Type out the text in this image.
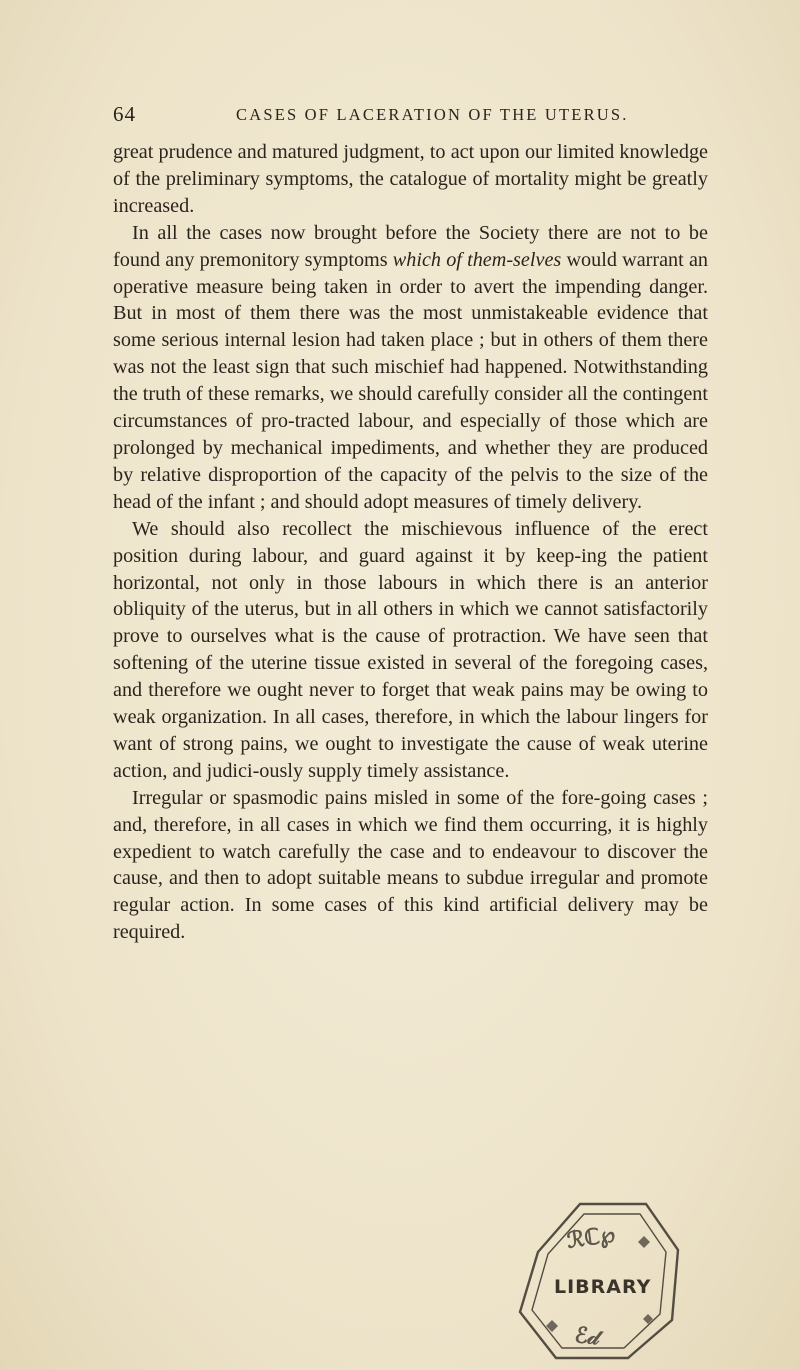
64	CASES OF LACERATION OF THE UTERUS.

great prudence and matured judgment, to act upon our limited knowledge of the preliminary symptoms, the catalogue of mortality might be greatly increased.

In all the cases now brought before the Society there are not to be found any premonitory symptoms which of them-selves would warrant an operative measure being taken in order to avert the impending danger. But in most of them there was the most unmistakeable evidence that some serious internal lesion had taken place ; but in others of them there was not the least sign that such mischief had happened. Notwithstanding the truth of these remarks, we should carefully consider all the contingent circumstances of pro-tracted labour, and especially of those which are prolonged by mechanical impediments, and whether they are produced by relative disproportion of the capacity of the pelvis to the size of the head of the infant ; and should adopt measures of timely delivery.

We should also recollect the mischievous influence of the erect position during labour, and guard against it by keep-ing the patient horizontal, not only in those labours in which there is an anterior obliquity of the uterus, but in all others in which we cannot satisfactorily prove to ourselves what is the cause of protraction. We have seen that softening of the uterine tissue existed in several of the foregoing cases, and therefore we ought never to forget that weak pains may be owing to weak organization. In all cases, therefore, in which the labour lingers for want of strong pains, we ought to investigate the cause of weak uterine action, and judici-ously supply timely assistance.

Irregular or spasmodic pains misled in some of the fore-going cases ; and, therefore, in all cases in which we find them occurring, it is highly expedient to watch carefully the case and to endeavour to discover the cause, and then to adopt suitable means to subdue irregular and promote regular action. In some cases of this kind artificial delivery may be required.

ℛℂ℘
ℰ𝒹
LIBRARY
